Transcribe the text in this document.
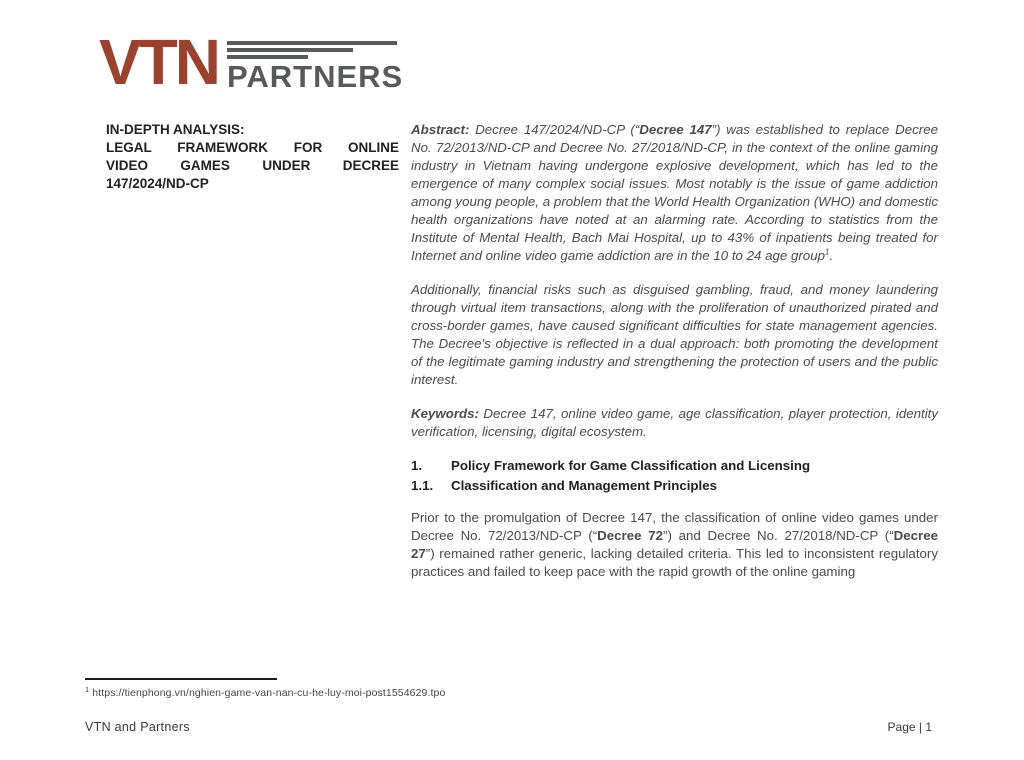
VTN PARTNERS
IN-DEPTH ANALYSIS:
LEGAL FRAMEWORK FOR ONLINE
VIDEO GAMES UNDER DECREE
147/2024/ND-CP
Abstract: Decree 147/2024/ND-CP (“Decree 147”) was established to replace Decree No. 72/2013/ND-CP and Decree No. 27/2018/ND-CP, in the context of the online gaming industry in Vietnam having undergone explosive development, which has led to the emergence of many complex social issues. Most notably is the issue of game addiction among young people, a problem that the World Health Organization (WHO) and domestic health organizations have noted at an alarming rate. According to statistics from the Institute of Mental Health, Bach Mai Hospital, up to 43% of inpatients being treated for Internet and online video game addiction are in the 10 to 24 age group$^1$.
Additionally, financial risks such as disguised gambling, fraud, and money laundering through virtual item transactions, along with the proliferation of unauthorized pirated and cross-border games, have caused significant difficulties for state management agencies. The Decree's objective is reflected in a dual approach: both promoting the development of the legitimate gaming industry and strengthening the protection of users and the public interest.
Keywords: Decree 147, online video game, age classification, player protection, identity verification, licensing, digital ecosystem.
1.	Policy Framework for Game Classification and Licensing
1.1.	Classification and Management Principles
Prior to the promulgation of Decree 147, the classification of online video games under Decree No. 72/2013/ND-CP (“Decree 72”) and Decree No. 27/2018/ND-CP (“Decree 27”) remained rather generic, lacking detailed criteria. This led to inconsistent regulatory practices and failed to keep pace with the rapid growth of the online gaming
$^1$ https://tienphong.vn/nghien-game-van-nan-cu-he-luy-moi-post1554629.tpo
VTN and Partners	Page | 1
